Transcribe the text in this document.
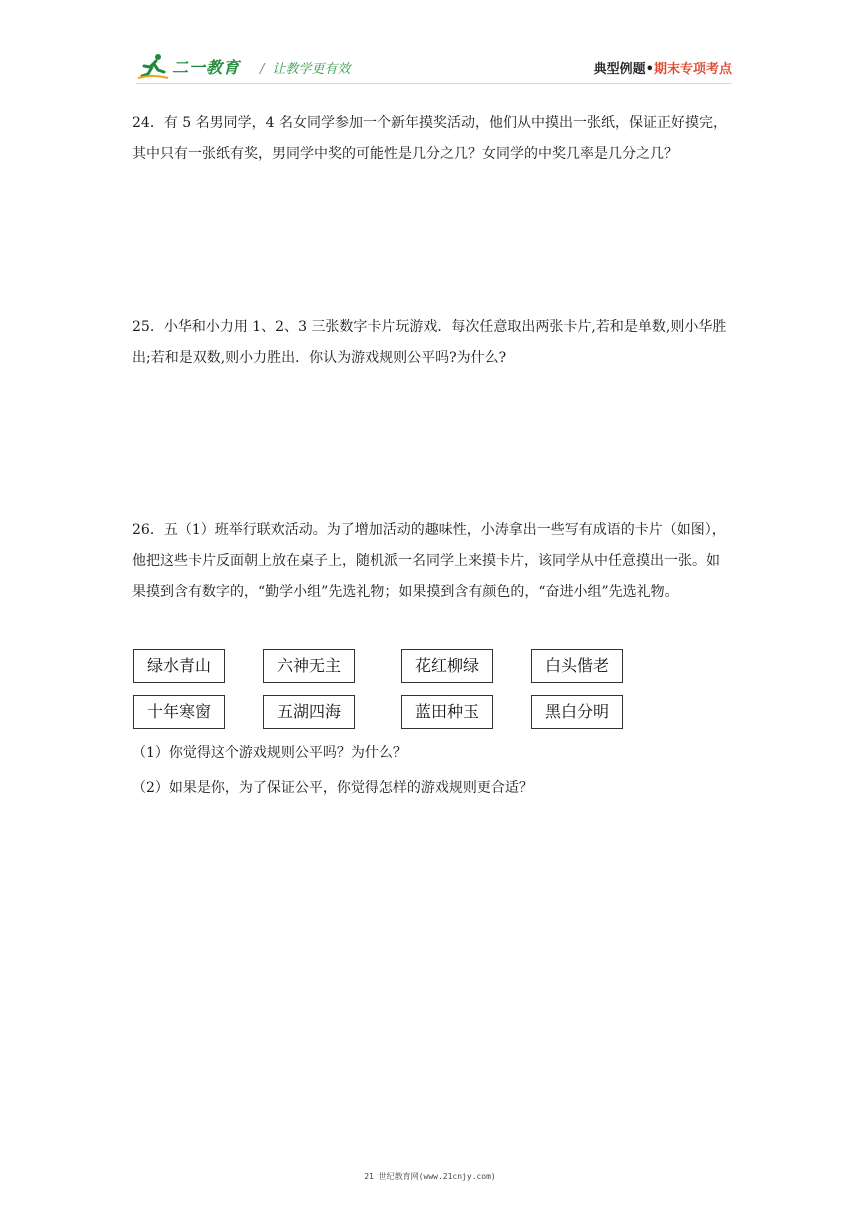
二一教育 / 让教学更有效	典型例题•期末专项考点
24．有 5 名男同学，4 名女同学参加一个新年摸奖活动，他们从中摸出一张纸，保证正好摸完，其中只有一张纸有奖，男同学中奖的可能性是几分之几？女同学的中奖几率是几分之几？
25．小华和小力用 1、2、3 三张数字卡片玩游戏．每次任意取出两张卡片,若和是单数,则小华胜出;若和是双数,则小力胜出．你认为游戏规则公平吗?为什么?
26．五（1）班举行联欢活动。为了增加活动的趣味性，小涛拿出一些写有成语的卡片（如图），他把这些卡片反面朝上放在桌子上，随机派一名同学上来摸卡片，该同学从中任意摸出一张。如果摸到含有数字的，“勤学小组”先选礼物；如果摸到含有颜色的，“奋进小组”先选礼物。
绿水青山	六神无主	花红柳绿	白头偕老
十年寒窗	五湖四海	蓝田种玉	黑白分明
（1）你觉得这个游戏规则公平吗？为什么？
（2）如果是你，为了保证公平，你觉得怎样的游戏规则更合适？
21 世纪教育网(www.21cnjy.com)
